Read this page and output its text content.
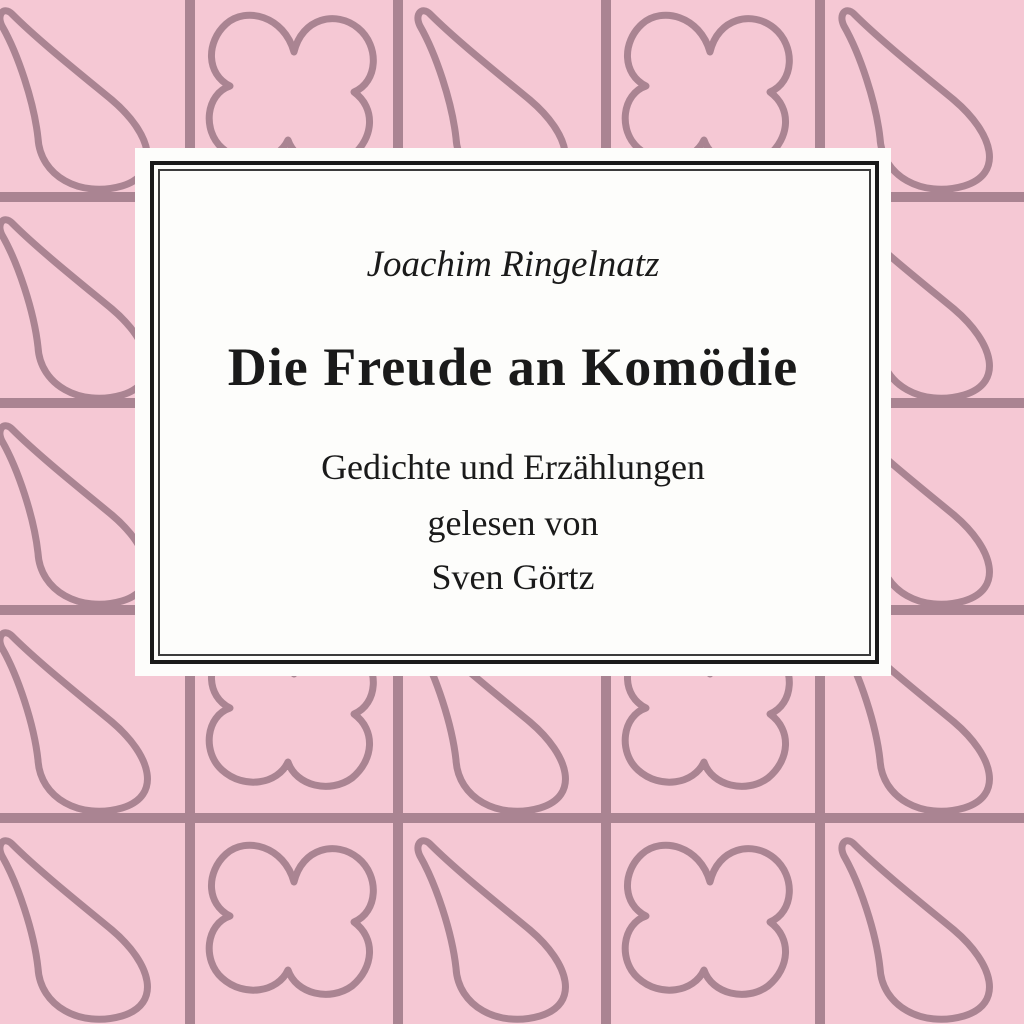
Joachim Ringelnatz
Die Freude an Komödie
Gedichte und Erzählungen
gelesen von
Sven Görtz
